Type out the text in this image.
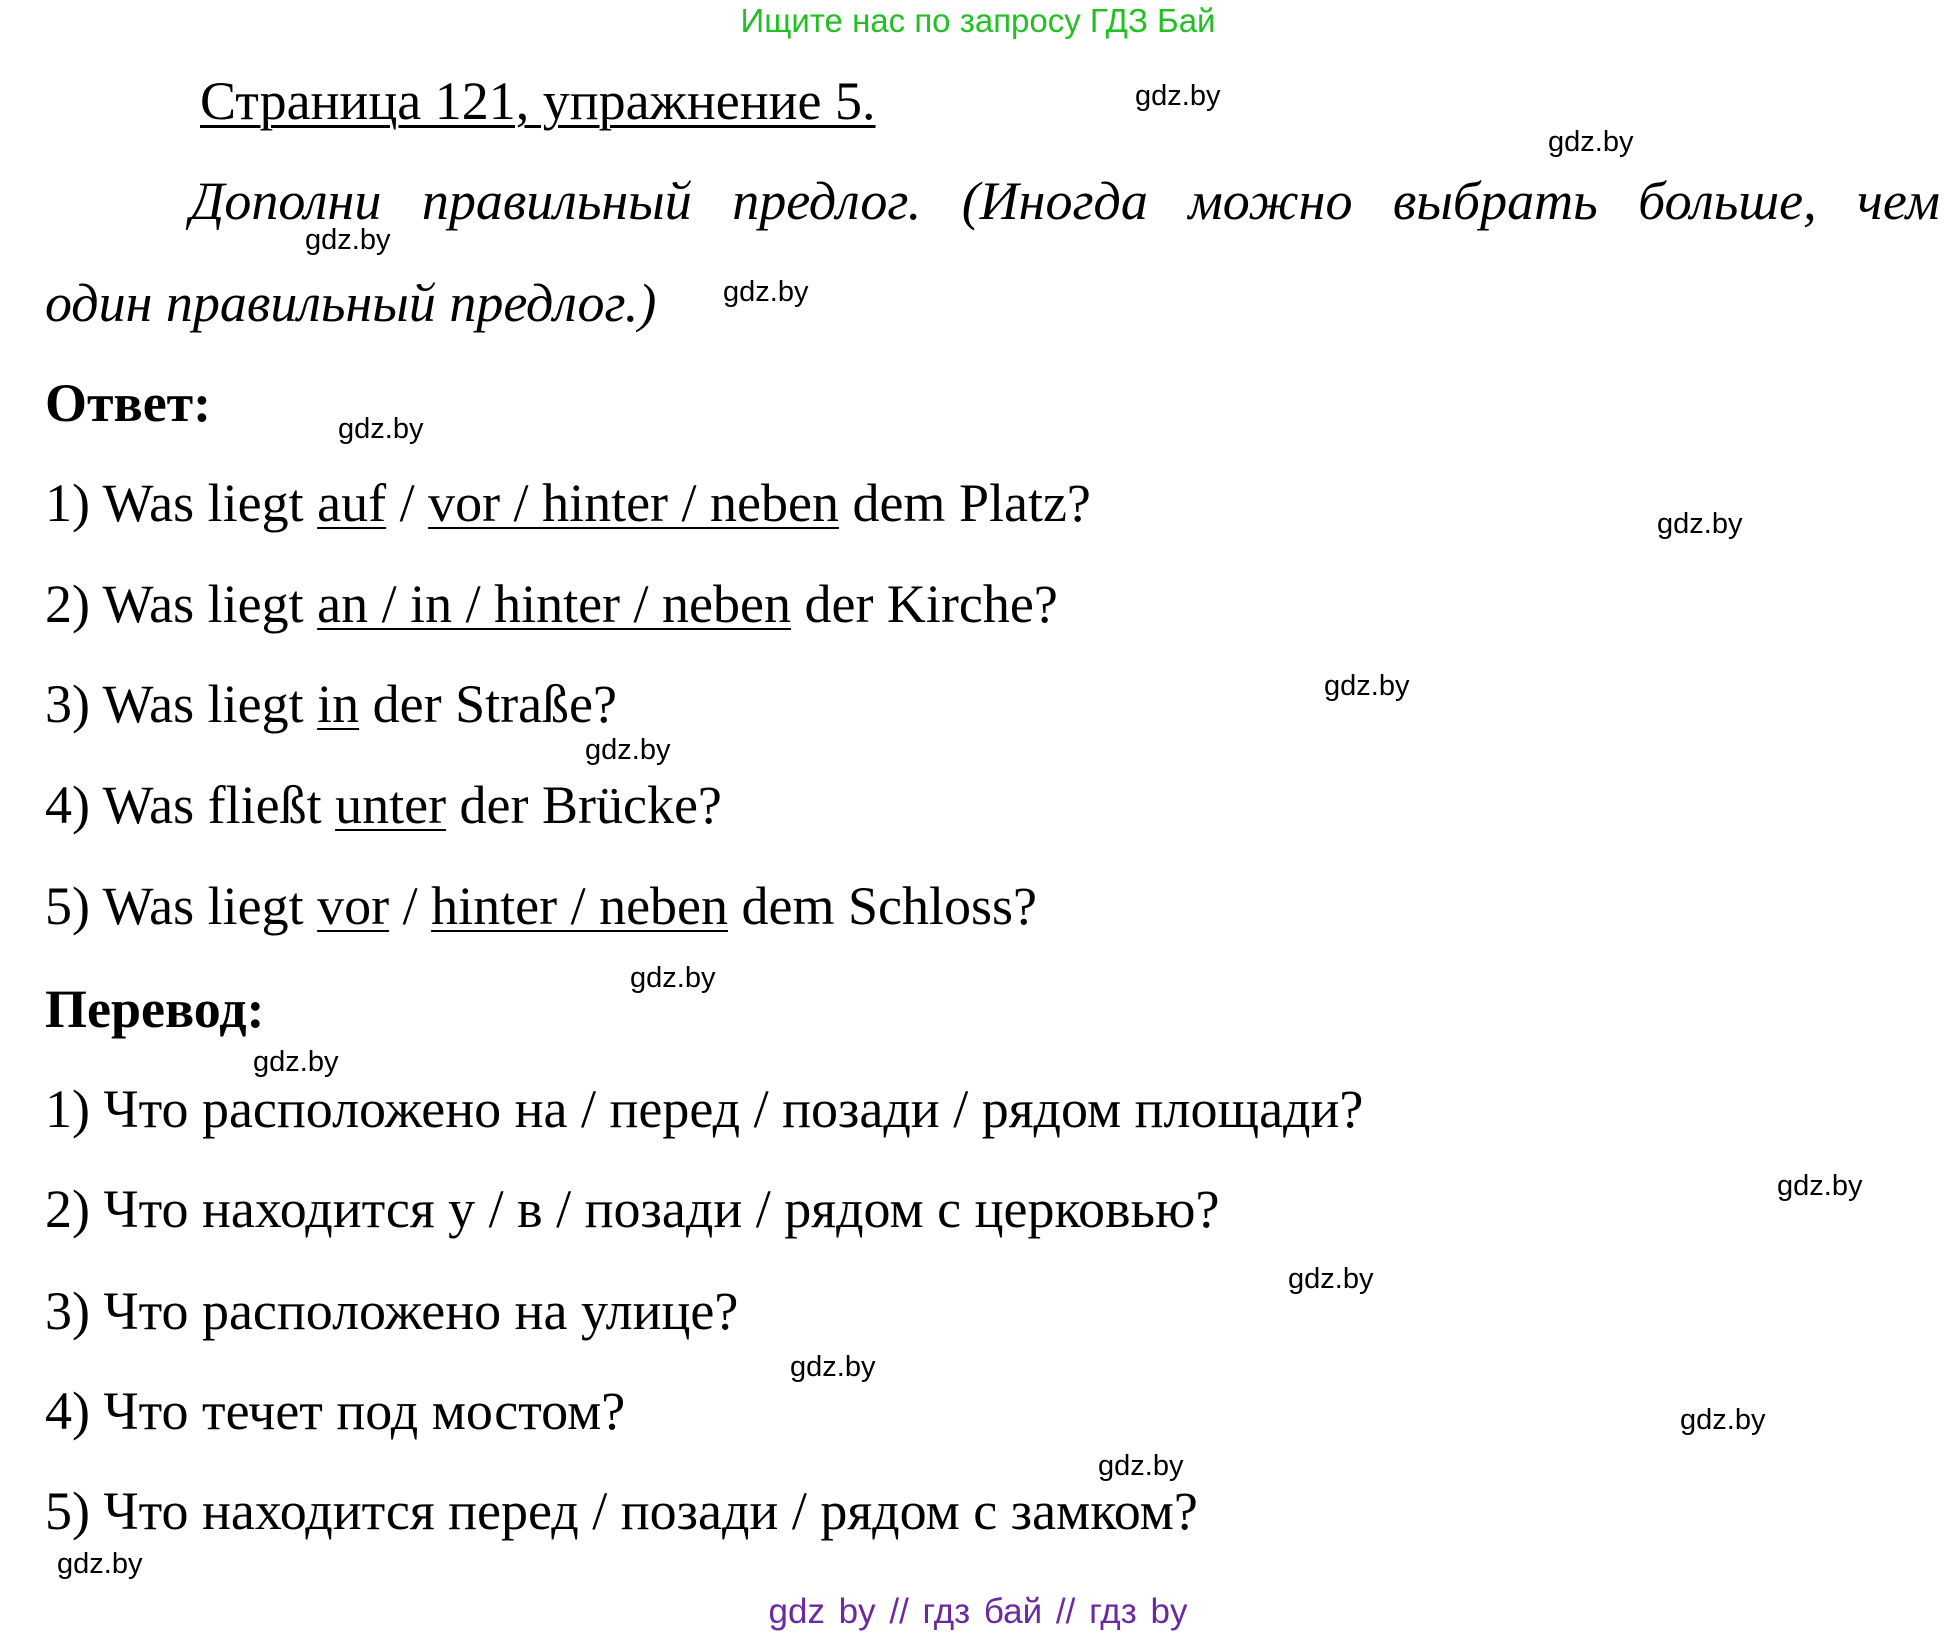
Ищите нас по запросу ГДЗ Бай
Страница 121, упражнение 5.
Дополни правильный предлог. (Иногда можно выбрать больше, чем
один правильный предлог.)
Ответ:
1) Was liegt auf / vor / hinter / neben dem Platz?
2) Was liegt an / in / hinter / neben der Kirche?
3) Was liegt in der Straße?
4) Was fließt unter der Brücke?
5) Was liegt vor / hinter / neben dem Schloss?
Перевод:
1) Что расположено на / перед / позади / рядом площади?
2) Что находится у / в / позади / рядом с церковью?
3) Что расположено на улице?
4) Что течет под мостом?
5) Что находится перед / позади / рядом с замком?
gdz.by
gdz.by
gdz.by
gdz.by
gdz.by
gdz.by
gdz.by
gdz.by
gdz.by
gdz.by
gdz.by
gdz.by
gdz.by
gdz.by
gdz.by
gdz.by
gdz by // гдз бай // гдз by
